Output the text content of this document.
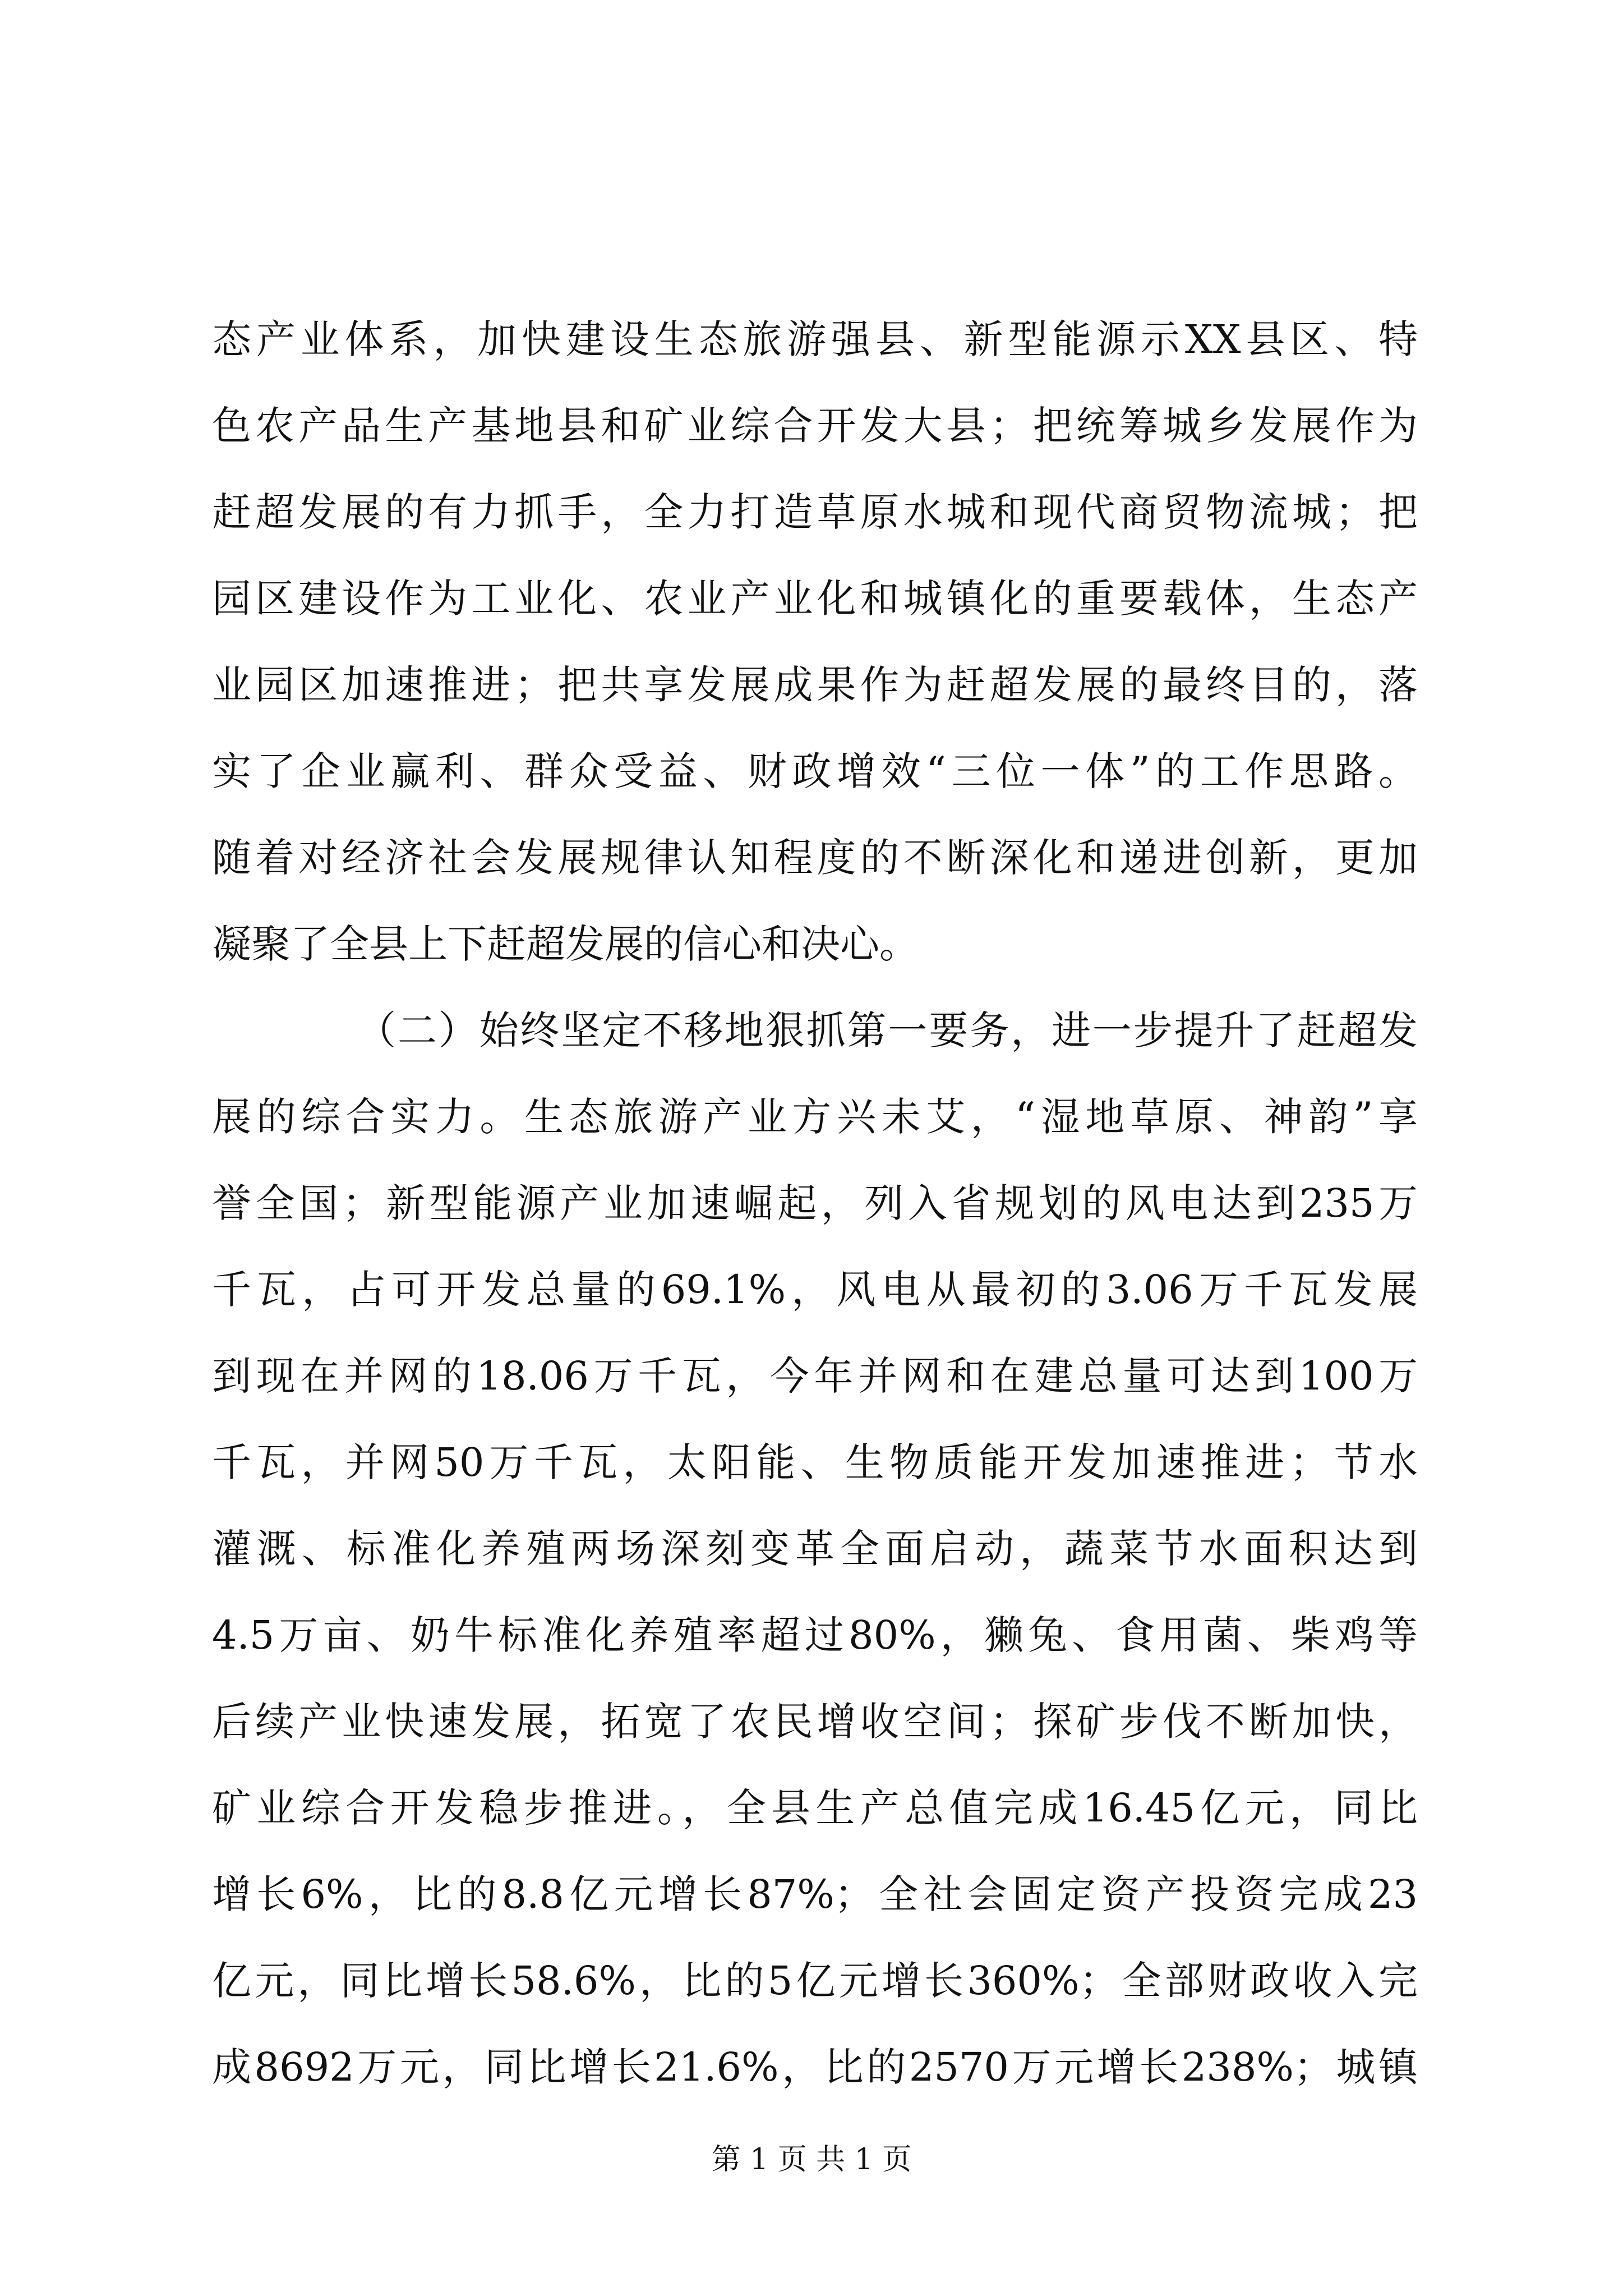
态产业体系，加快建设生态旅游强县、新型能源示XX县区、特
色农产品生产基地县和矿业综合开发大县；把统筹城乡发展作为
赶超发展的有力抓手，全力打造草原水城和现代商贸物流城；把
园区建设作为工业化、农业产业化和城镇化的重要载体，生态产
业园区加速推进；把共享发展成果作为赶超发展的最终目的，落
实了企业赢利、群众受益、财政增效“三位一体”的工作思路。
随着对经济社会发展规律认知程度的不断深化和递进创新，更加
凝聚了全县上下赶超发展的信心和决心。
（二）始终坚定不移地狠抓第一要务，进一步提升了赶超发
展的综合实力。生态旅游产业方兴未艾，“湿地草原、神韵”享
誉全国；新型能源产业加速崛起，列入省规划的风电达到235万
千瓦，占可开发总量的69.1%，风电从最初的3.06万千瓦发展
到现在并网的18.06万千瓦，今年并网和在建总量可达到100万
千瓦，并网50万千瓦，太阳能、生物质能开发加速推进；节水
灌溉、标准化养殖两场深刻变革全面启动，蔬菜节水面积达到
4.5万亩、奶牛标准化养殖率超过80%，獭兔、食用菌、柴鸡等
后续产业快速发展，拓宽了农民增收空间；探矿步伐不断加快，
矿业综合开发稳步推进。，全县生产总值完成16.45亿元，同比
增长6%，比的8.8亿元增长87%；全社会固定资产投资完成23
亿元，同比增长58.6%，比的5亿元增长360%；全部财政收入完
成8692万元，同比增长21.6%，比的2570万元增长238%；城镇
第 1 页 共 1 页
